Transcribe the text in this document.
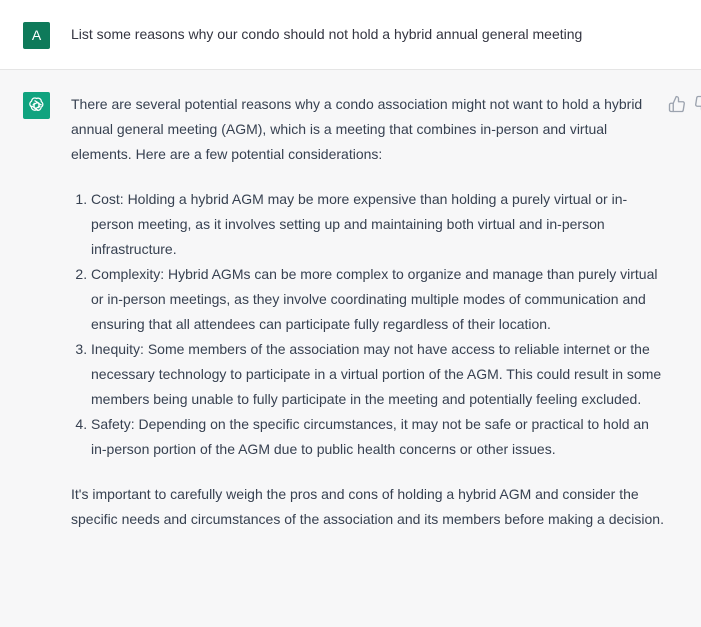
A	List some reasons why our condo should not hold a hybrid annual general meeting

There are several potential reasons why a condo association might not want to hold a hybrid annual general meeting (AGM), which is a meeting that combines in-person and virtual elements. Here are a few potential considerations:

1. Cost: Holding a hybrid AGM may be more expensive than holding a purely virtual or in-person meeting, as it involves setting up and maintaining both virtual and in-person infrastructure.
2. Complexity: Hybrid AGMs can be more complex to organize and manage than purely virtual or in-person meetings, as they involve coordinating multiple modes of communication and ensuring that all attendees can participate fully regardless of their location.
3. Inequity: Some members of the association may not have access to reliable internet or the necessary technology to participate in a virtual portion of the AGM. This could result in some members being unable to fully participate in the meeting and potentially feeling excluded.
4. Safety: Depending on the specific circumstances, it may not be safe or practical to hold an in-person portion of the AGM due to public health concerns or other issues.

It's important to carefully weigh the pros and cons of holding a hybrid AGM and consider the specific needs and circumstances of the association and its members before making a decision.
